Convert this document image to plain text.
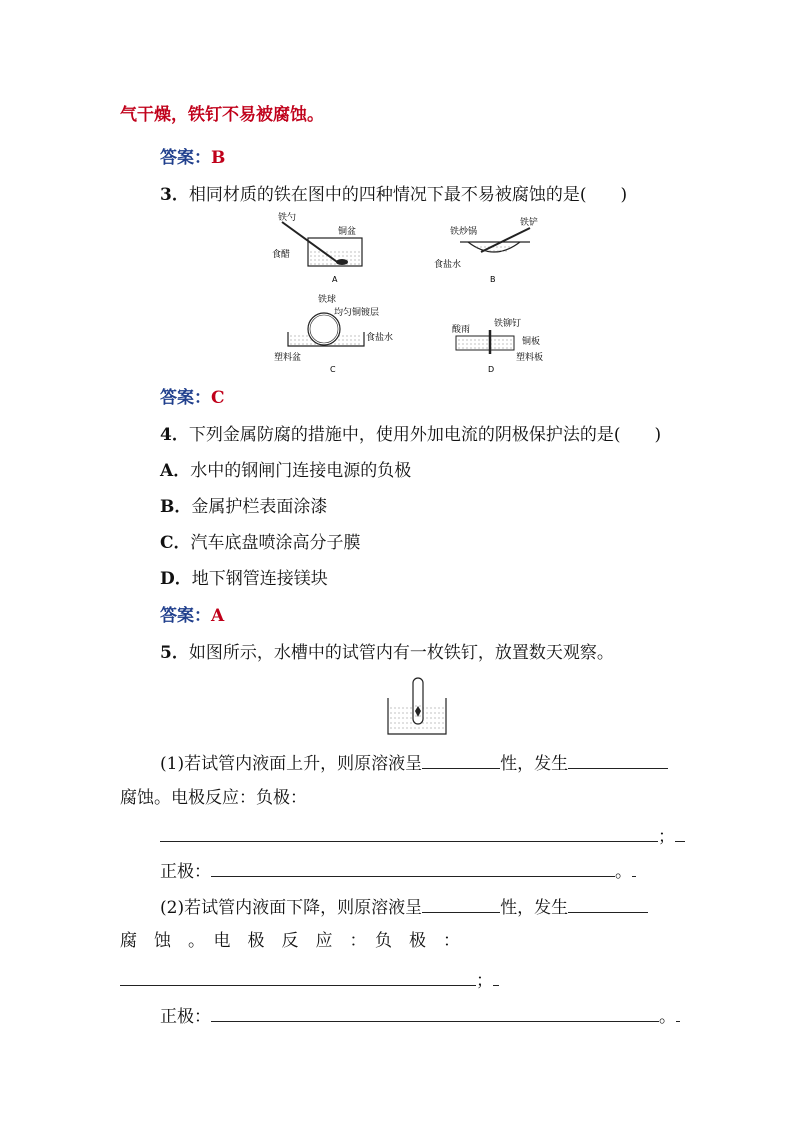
气干燥，铁钉不易被腐蚀。
答案：B
3．相同材质的铁在图中的四种情况下最不易被腐蚀的是(　　)
铁勺
铜盆
食醋
A
铁炒锅
铁铲
食盐水
B
铁球
均匀铜镀层
食盐水
塑料盆
C
酸雨
铁铆钉
铜板
塑料板
D
答案：C
4．下列金属防腐的措施中，使用外加电流的阴极保护法的是(　　)
A．水中的钢闸门连接电源的负极
B．金属护栏表面涂漆
C．汽车底盘喷涂高分子膜
D．地下钢管连接镁块
答案：A
5．如图所示，水槽中的试管内有一枚铁钉，放置数天观察。
(1)若试管内液面上升，则原溶液呈	性，发生
腐蚀。电极反应：负极：
；
正极：	。
(2)若试管内液面下降，则原溶液呈	性，发生
腐　蚀　。　电　极　反　应　：　负　极　：
；
正极：	。
